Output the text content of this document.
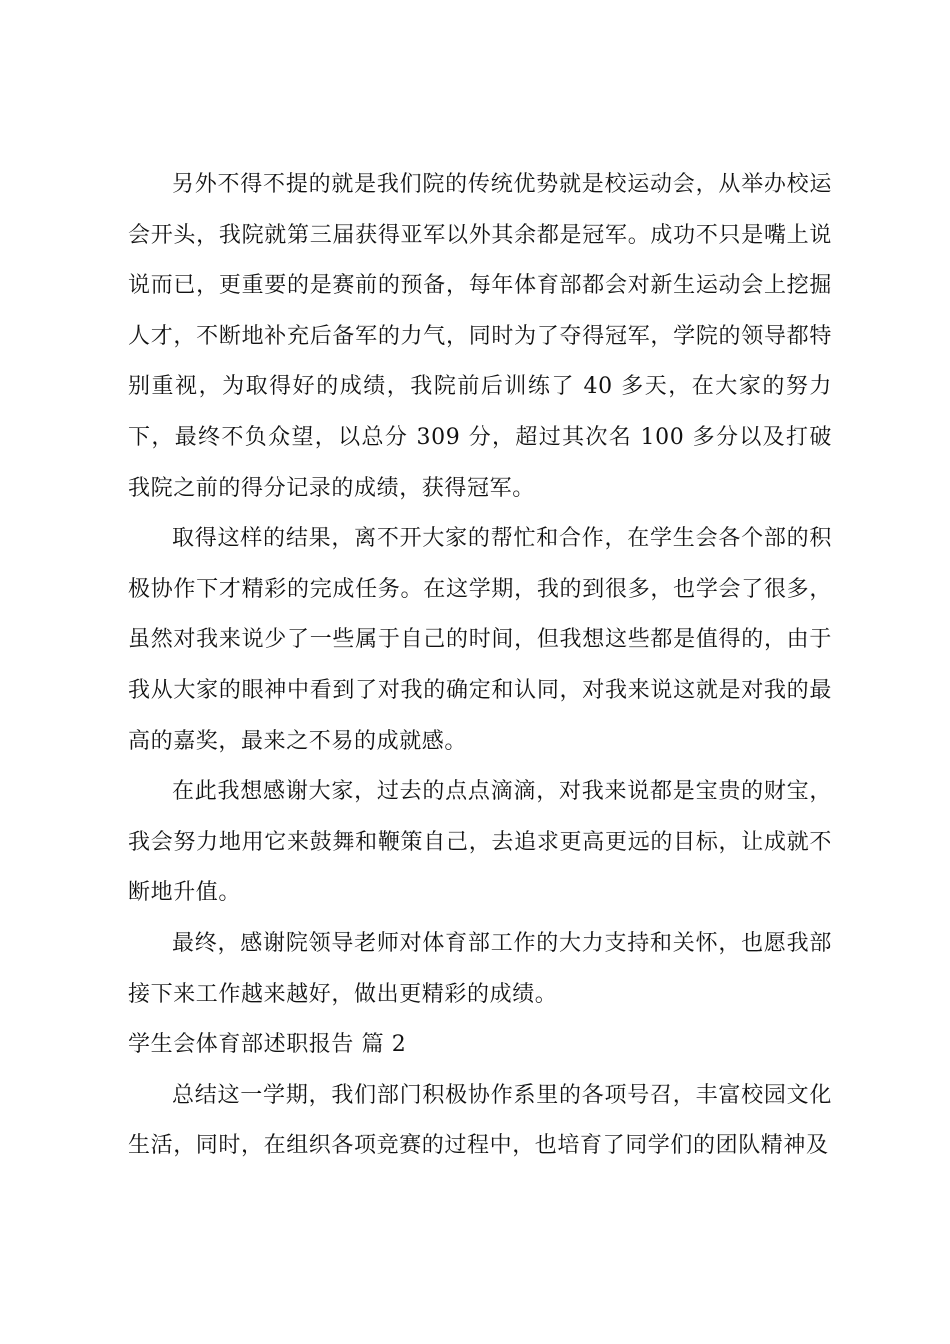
另外不得不提的就是我们院的传统优势就是校运动会，从举办校运会开头，我院就第三届获得亚军以外其余都是冠军。成功不只是嘴上说说而已，更重要的是赛前的预备，每年体育部都会对新生运动会上挖掘人才，不断地补充后备军的力气，同时为了夺得冠军，学院的领导都特别重视，为取得好的成绩，我院前后训练了 40 多天，在大家的努力下，最终不负众望，以总分 309 分，超过其次名 100 多分以及打破我院之前的得分记录的成绩，获得冠军。

取得这样的结果，离不开大家的帮忙和合作，在学生会各个部的积极协作下才精彩的完成任务。在这学期，我的到很多，也学会了很多，虽然对我来说少了一些属于自己的时间，但我想这些都是值得的，由于我从大家的眼神中看到了对我的确定和认同，对我来说这就是对我的最高的嘉奖，最来之不易的成就感。

在此我想感谢大家，过去的点点滴滴，对我来说都是宝贵的财宝，我会努力地用它来鼓舞和鞭策自己，去追求更高更远的目标，让成就不断地升值。

最终，感谢院领导老师对体育部工作的大力支持和关怀，也愿我部接下来工作越来越好，做出更精彩的成绩。

学生会体育部述职报告 篇 2

总结这一学期，我们部门积极协作系里的各项号召，丰富校园文化生活，同时，在组织各项竞赛的过程中，也培育了同学们的团队精神及
